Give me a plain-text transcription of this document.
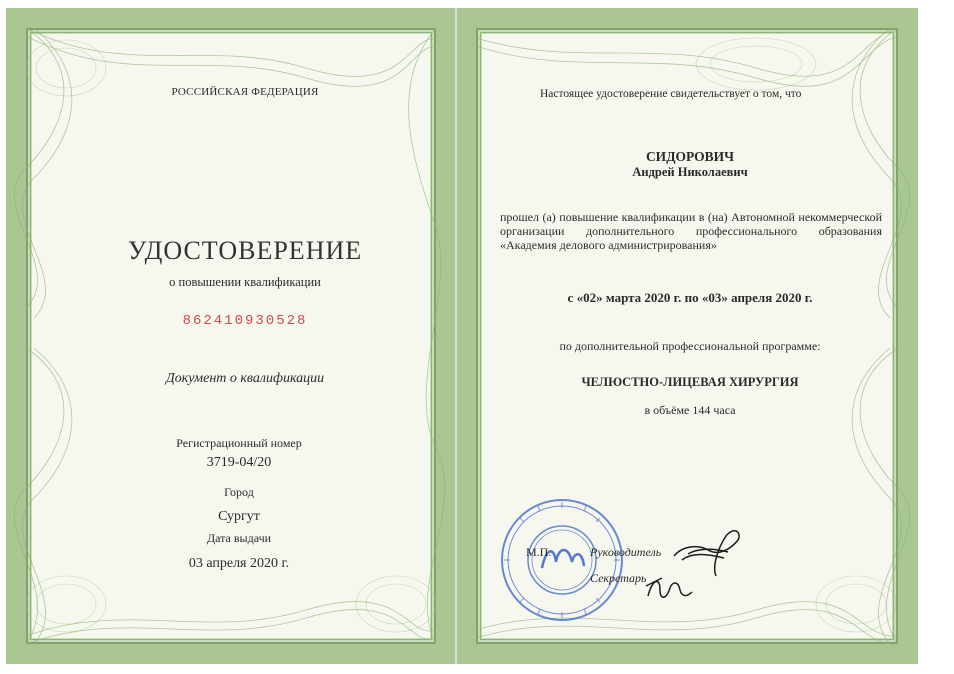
РОССИЙСКАЯ ФЕДЕРАЦИЯ
УДОСТОВЕРЕНИЕ
о повышении квалификации
862410930528
Документ о квалификации
Регистрационный номер
3719-04/20
Город
Сургут
Дата выдачи
03 апреля 2020 г.
Настоящее удостоверение свидетельствует о том, что
СИДОРОВИЧ
Андрей Николаевич
прошел (а) повышение квалификации в (на) Автономной некоммерческой организации дополнительного профессионального образования «Академия делового администрирования»
с «02» марта 2020 г. по «03» апреля 2020 г.
по дополнительной профессиональной программе:
ЧЕЛЮСТНО-ЛИЦЕВАЯ ХИРУРГИЯ
в объёме 144 часа
М.П.	Руководитель
Секретарь
